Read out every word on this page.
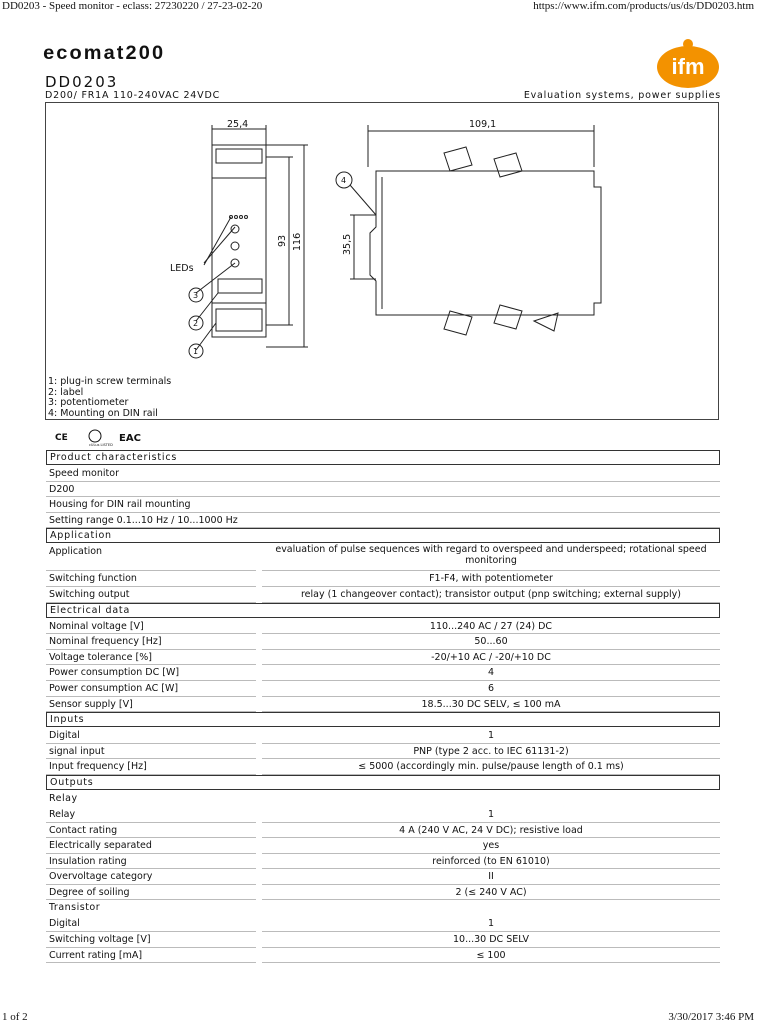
DD0203 - Speed monitor - eclass: 27230220 / 27-23-02-20	https://www.ifm.com/products/us/ds/DD0203.htm
ecomat200
ifm
DD0203
D200/ FR1A 110-240VAC 24VDC	Evaluation systems, power supplies
25,4	109,1
93 116	35,5
LEDs
3
2
1
4
1: plug-in screw terminals
2: label
3: potentiometer
4: Mounting on DIN rail
CE
cULus LISTED
EAC
Product characteristics
Speed monitor
D200
Housing for DIN rail mounting
Setting range 0.1...10 Hz / 10...1000 Hz
Application
Application	evaluation of pulse sequences with regard to overspeed and underspeed; rotational speed monitoring
Switching function	F1-F4, with potentiometer
Switching output	relay (1 changeover contact); transistor output (pnp switching; external supply)
Electrical data
Nominal voltage [V]	110...240 AC / 27 (24) DC
Nominal frequency [Hz]	50...60
Voltage tolerance [%]	-20/+10 AC / -20/+10 DC
Power consumption DC [W]	4
Power consumption AC [W]	6
Sensor supply [V]	18.5...30 DC SELV, ≤ 100 mA
Inputs
Digital	1
signal input	PNP (type 2 acc. to IEC 61131-2)
Input frequency [Hz]	≤ 5000 (accordingly min. pulse/pause length of 0.1 ms)
Outputs
Relay
Relay	1
Contact rating	4 A (240 V AC, 24 V DC); resistive load
Electrically separated	yes
Insulation rating	reinforced (to EN 61010)
Overvoltage category	II
Degree of soiling	2 (≤ 240 V AC)
Transistor
Digital	1
Switching voltage [V]	10...30 DC SELV
Current rating [mA]	≤ 100
1 of 2	3/30/2017 3:46 PM
